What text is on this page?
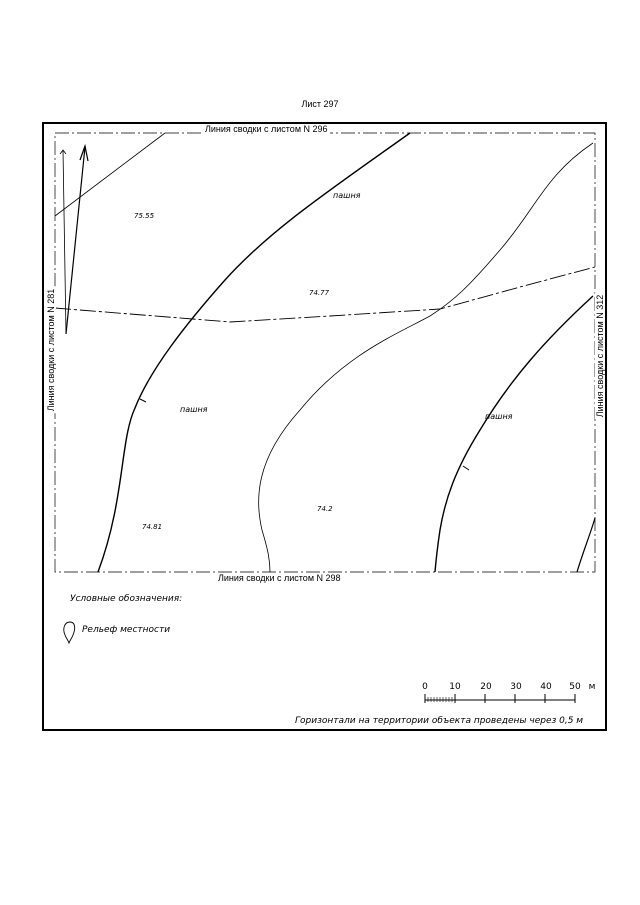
Лист 297
Линия сводки с листом N 296
Линия сводки с листом N 298
Линия сводки с листом N 281	Линия сводки с листом N 312
пашня
пашня
пашня
75.55
74.77
74.2
74.81
Условные обозначения:
Рельеф местности
0 10 20 30 40 50 м
Горизонтали на территории объекта проведены через 0,5 м
